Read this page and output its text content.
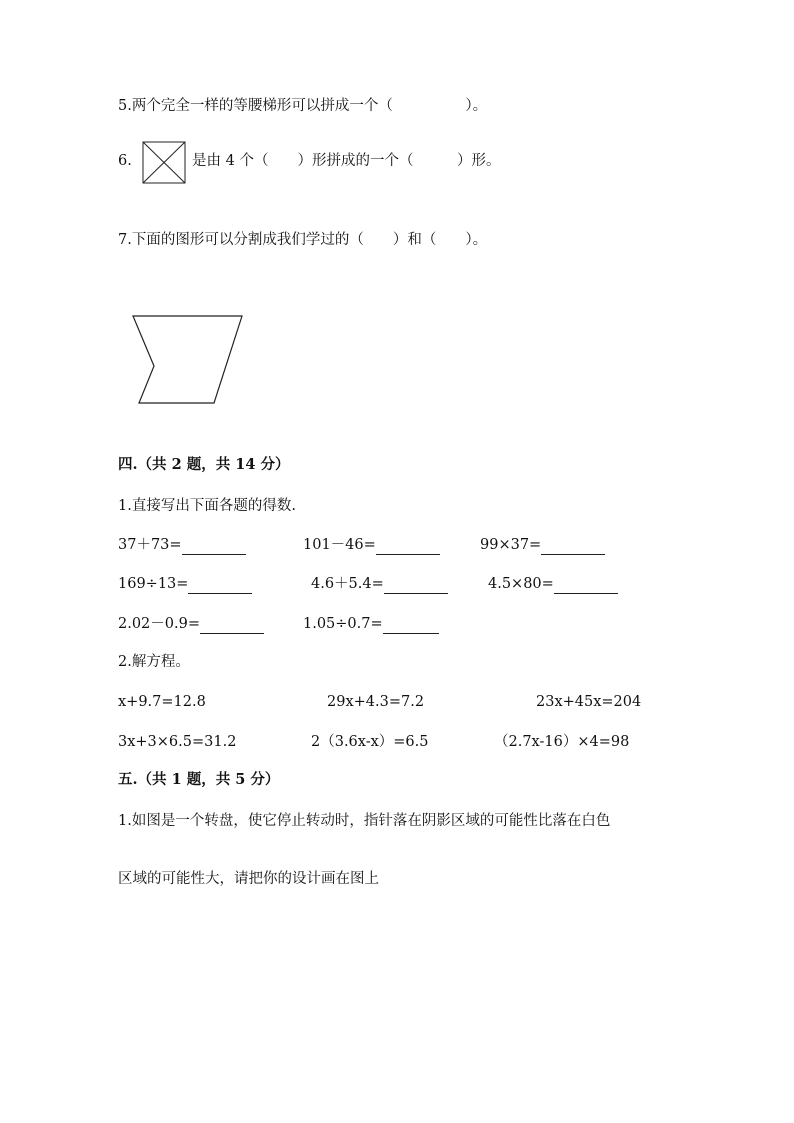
5.两个完全一样的等腰梯形可以拼成一个（　　　　　）。
6.	是由 4 个（　　）形拼成的一个（　　　）形。
7.下面的图形可以分割成我们学过的（　　）和（　　）。
四.（共 2 题，共 14 分）
1.直接写出下面各题的得数.
37＋73=	101－46=	99×37=
169÷13=	4.6＋5.4=	4.5×80=
2.02－0.9=	1.05÷0.7=
2.解方程。
x+9.7=12.8	29x+4.3=7.2	23x+45x=204
3x+3×6.5=31.2	2（3.6x-x）=6.5	（2.7x-16）×4=98
五.（共 1 题，共 5 分）
1.如图是一个转盘，使它停止转动时，指针落在阴影区域的可能性比落在白色
区域的可能性大，请把你的设计画在图上
